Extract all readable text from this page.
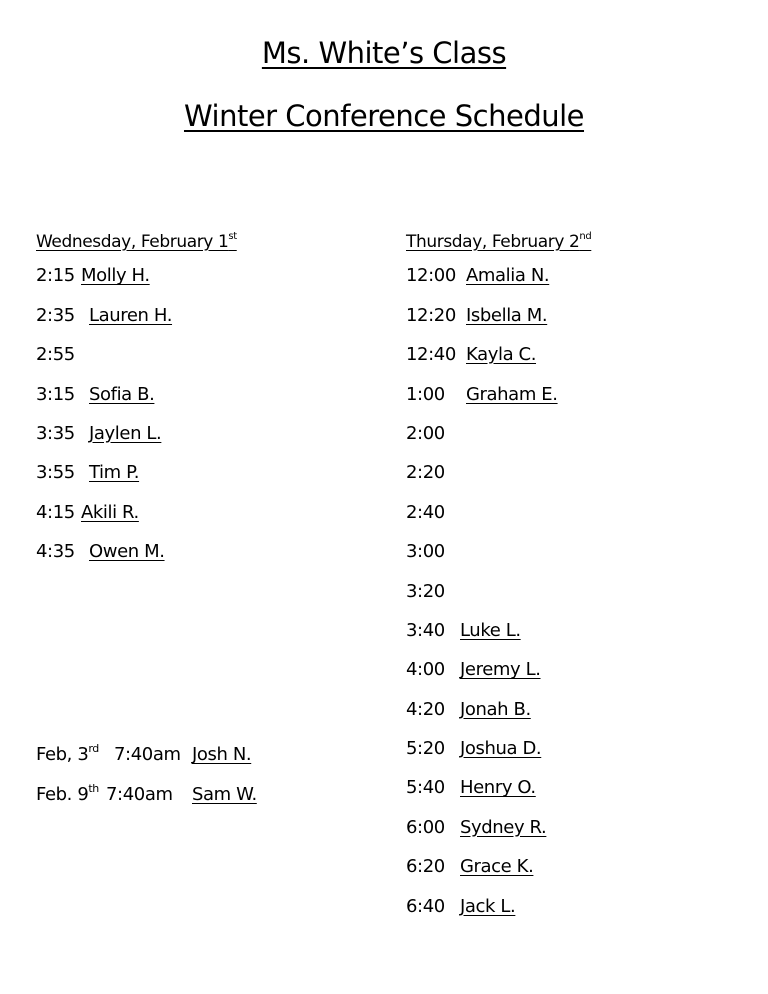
Ms. White’s Class
Winter Conference Schedule
Wednesday, February 1st
2:15 Molly H.
2:35 Lauren H.
2:55
3:15 Sofia B.
3:35 Jaylen L.
3:55 Tim P.
4:15 Akili R.
4:35 Owen M.
Feb, 3rd 7:40am Josh N.
Feb. 9th 7:40am Sam W.
Thursday, February 2nd
12:00 Amalia N.
12:20 Isbella M.
12:40 Kayla C.
1:00 Graham E.
2:00
2:20
2:40
3:00
3:20
3:40 Luke L.
4:00 Jeremy L.
4:20 Jonah B.
5:20 Joshua D.
5:40 Henry O.
6:00 Sydney R.
6:20 Grace K.
6:40 Jack L.
